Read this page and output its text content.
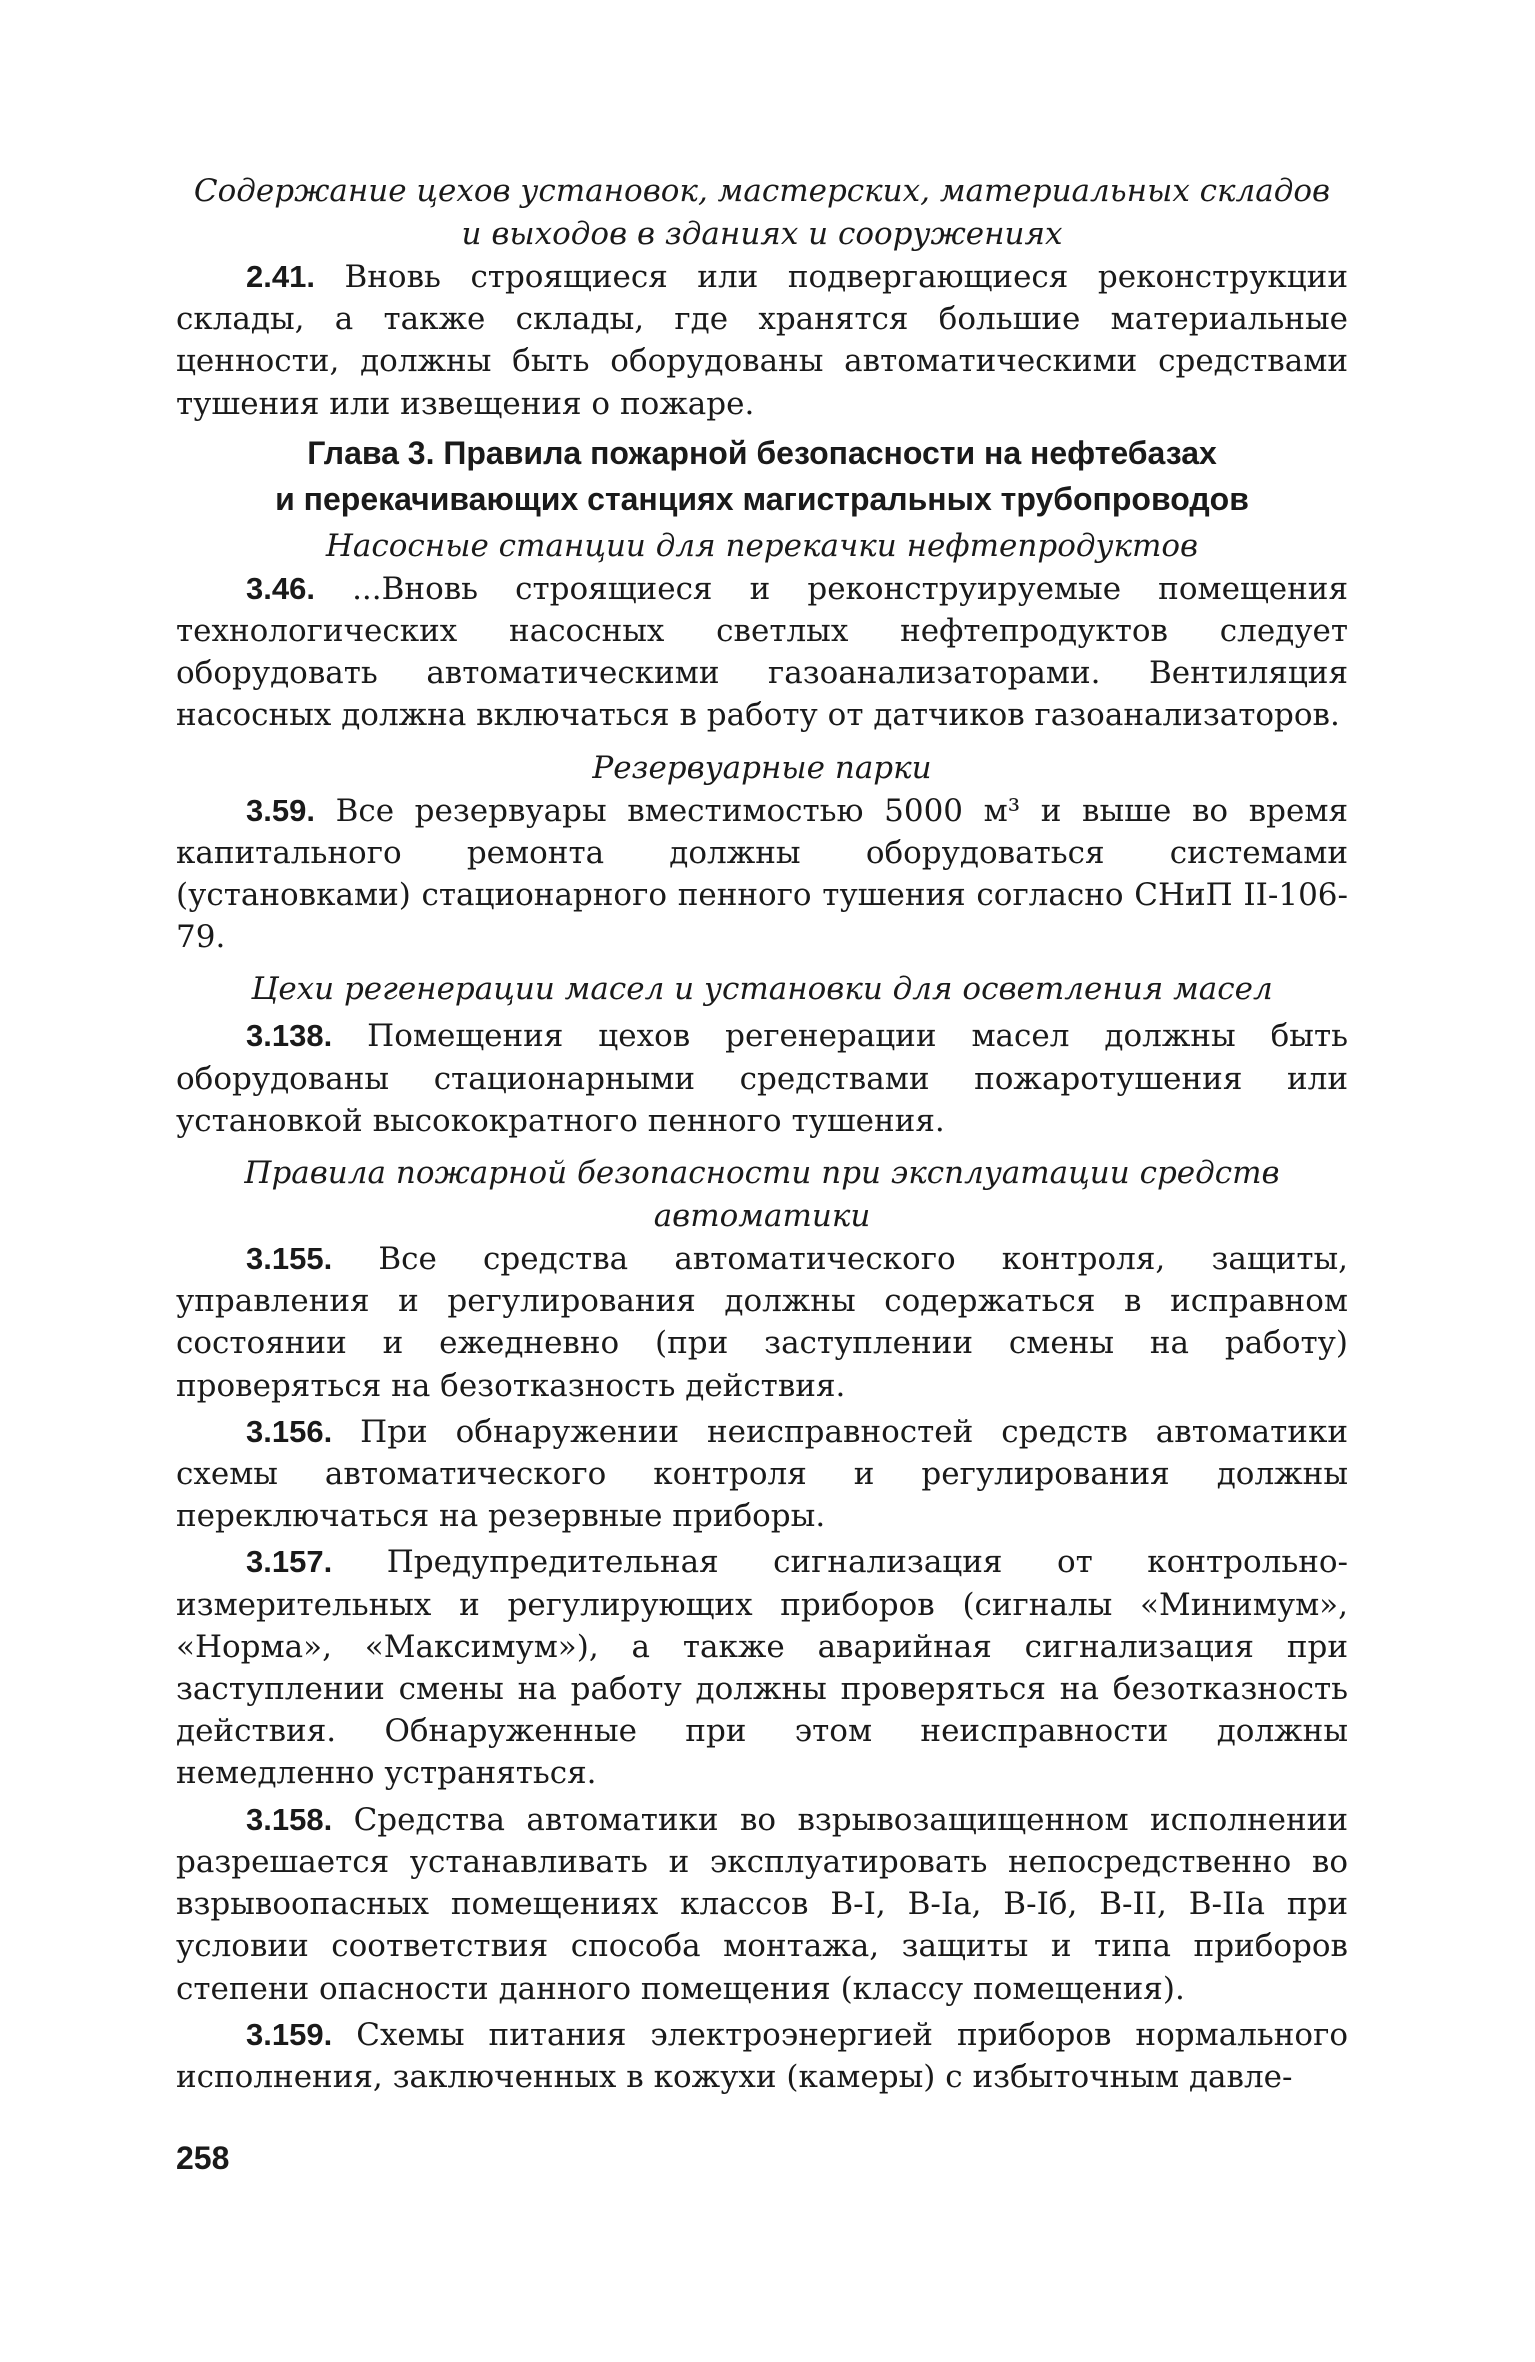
Содержание цехов установок, мастерских, материальных складов

и выходов в зданиях и сооружениях

2.41. Вновь строящиеся или подвергающиеся реконструкции склады, а также склады, где хранятся большие материальные ценности, должны быть оборудованы автоматическими средствами тушения или извещения о пожаре.

Глава 3. Правила пожарной безопасности на нефтебазах

и перекачивающих станциях магистральных трубопроводов

Насосные станции для перекачки нефтепродуктов

3.46. ...Вновь строящиеся и реконструируемые помещения технологических насосных светлых нефтепродуктов следует оборудовать автоматическими газоанализаторами. Вентиляция насосных должна включаться в работу от датчиков газоанализаторов.

Резервуарные парки

3.59. Все резервуары вместимостью 5000 м³ и выше во время капитального ремонта должны оборудоваться системами (установками) стационарного пенного тушения согласно СНиП II-106-79.

Цехи регенерации масел и установки для осветления масел

3.138. Помещения цехов регенерации масел должны быть оборудованы стационарными средствами пожаротушения или установкой высокократного пенного тушения.

Правила пожарной безопасности при эксплуатации средств

автоматики

3.155. Все средства автоматического контроля, защиты, управления и регулирования должны содержаться в исправном состоянии и ежедневно (при заступлении смены на работу) проверяться на безотказность действия.

3.156. При обнаружении неисправностей средств автоматики схемы автоматического контроля и регулирования должны переключаться на резервные приборы.

3.157. Предупредительная сигнализация от контрольно-измерительных и регулирующих приборов (сигналы «Минимум», «Норма», «Максимум»), а также аварийная сигнализация при заступлении смены на работу должны проверяться на безотказность действия. Обнаруженные при этом неисправности должны немедленно устраняться.

3.158. Средства автоматики во взрывозащищенном исполнении разрешается устанавливать и эксплуатировать непосредственно во взрывоопасных помещениях классов В-I, В-Iа, В-Iб, В-II, В-IIа при условии соответствия способа монтажа, защиты и типа приборов степени опасности данного помещения (классу помещения).

3.159. Схемы питания электроэнергией приборов нормального исполнения, заключенных в кожухи (камеры) с избыточным давле-

258
